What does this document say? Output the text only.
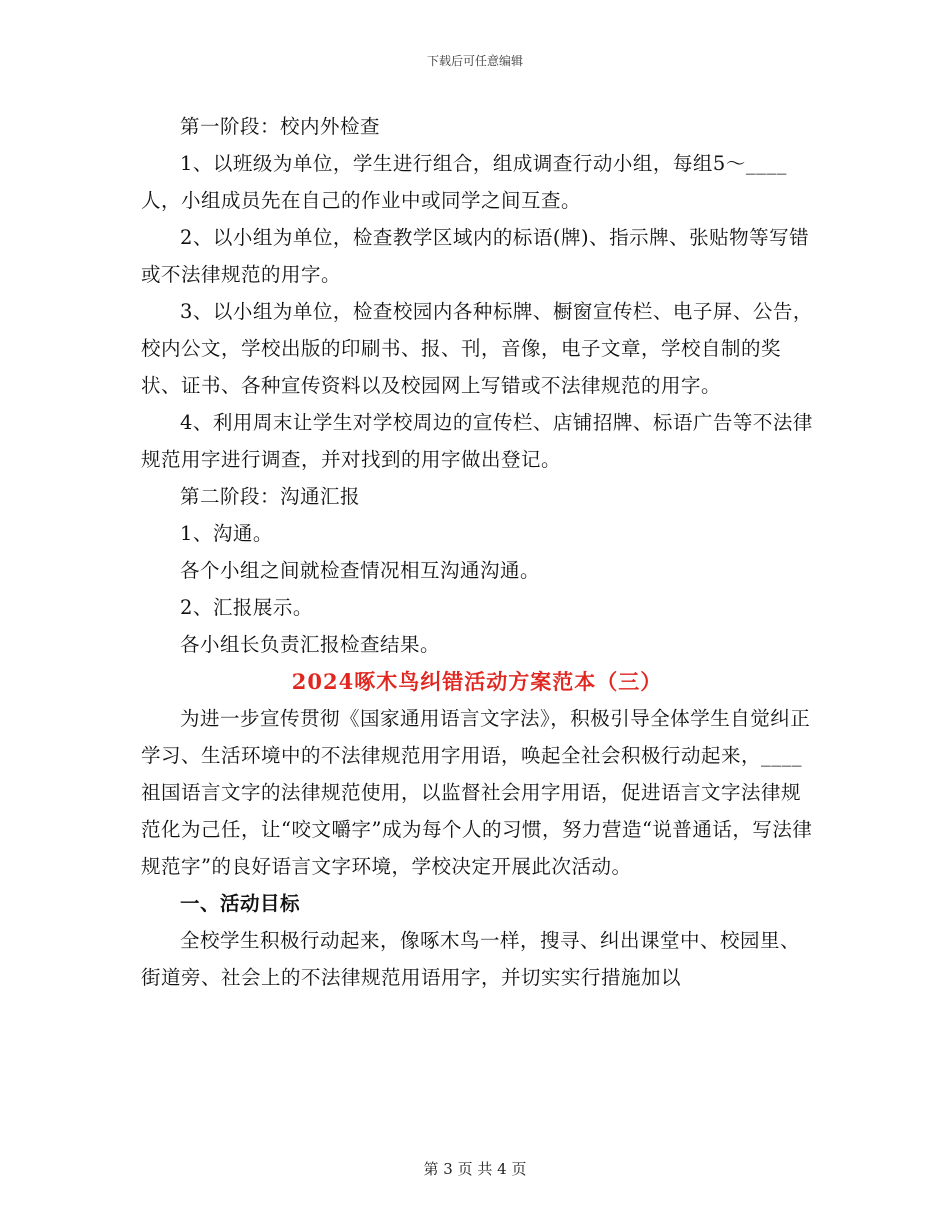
下载后可任意编辑

第一阶段：校内外检查

1、以班级为单位，学生进行组合，组成调查行动小组，每组5～____人，小组成员先在自己的作业中或同学之间互查。

2、以小组为单位，检查教学区域内的标语(牌)、指示牌、张贴物等写错或不法律规范的用字。

3、以小组为单位，检查校园内各种标牌、橱窗宣传栏、电子屏、公告，校内公文，学校出版的印刷书、报、刊，音像，电子文章，学校自制的奖状、证书、各种宣传资料以及校园网上写错或不法律规范的用字。

4、利用周末让学生对学校周边的宣传栏、店铺招牌、标语广告等不法律规范用字进行调查，并对找到的用字做出登记。

第二阶段：沟通汇报

1、沟通。

各个小组之间就检查情况相互沟通沟通。

2、汇报展示。

各小组长负责汇报检查结果。

2024啄木鸟纠错活动方案范本（三）

为进一步宣传贯彻《国家通用语言文字法》，积极引导全体学生自觉纠正学习、生活环境中的不法律规范用字用语，唤起全社会积极行动起来，____祖国语言文字的法律规范使用，以监督社会用字用语，促进语言文字法律规范化为己任，让“咬文嚼字”成为每个人的习惯，努力营造“说普通话，写法律规范字”的良好语言文字环境，学校决定开展此次活动。

一、活动目标

全校学生积极行动起来，像啄木鸟一样，搜寻、纠出课堂中、校园里、街道旁、社会上的不法律规范用语用字，并切实实行措施加以

第 3 页 共 4 页
